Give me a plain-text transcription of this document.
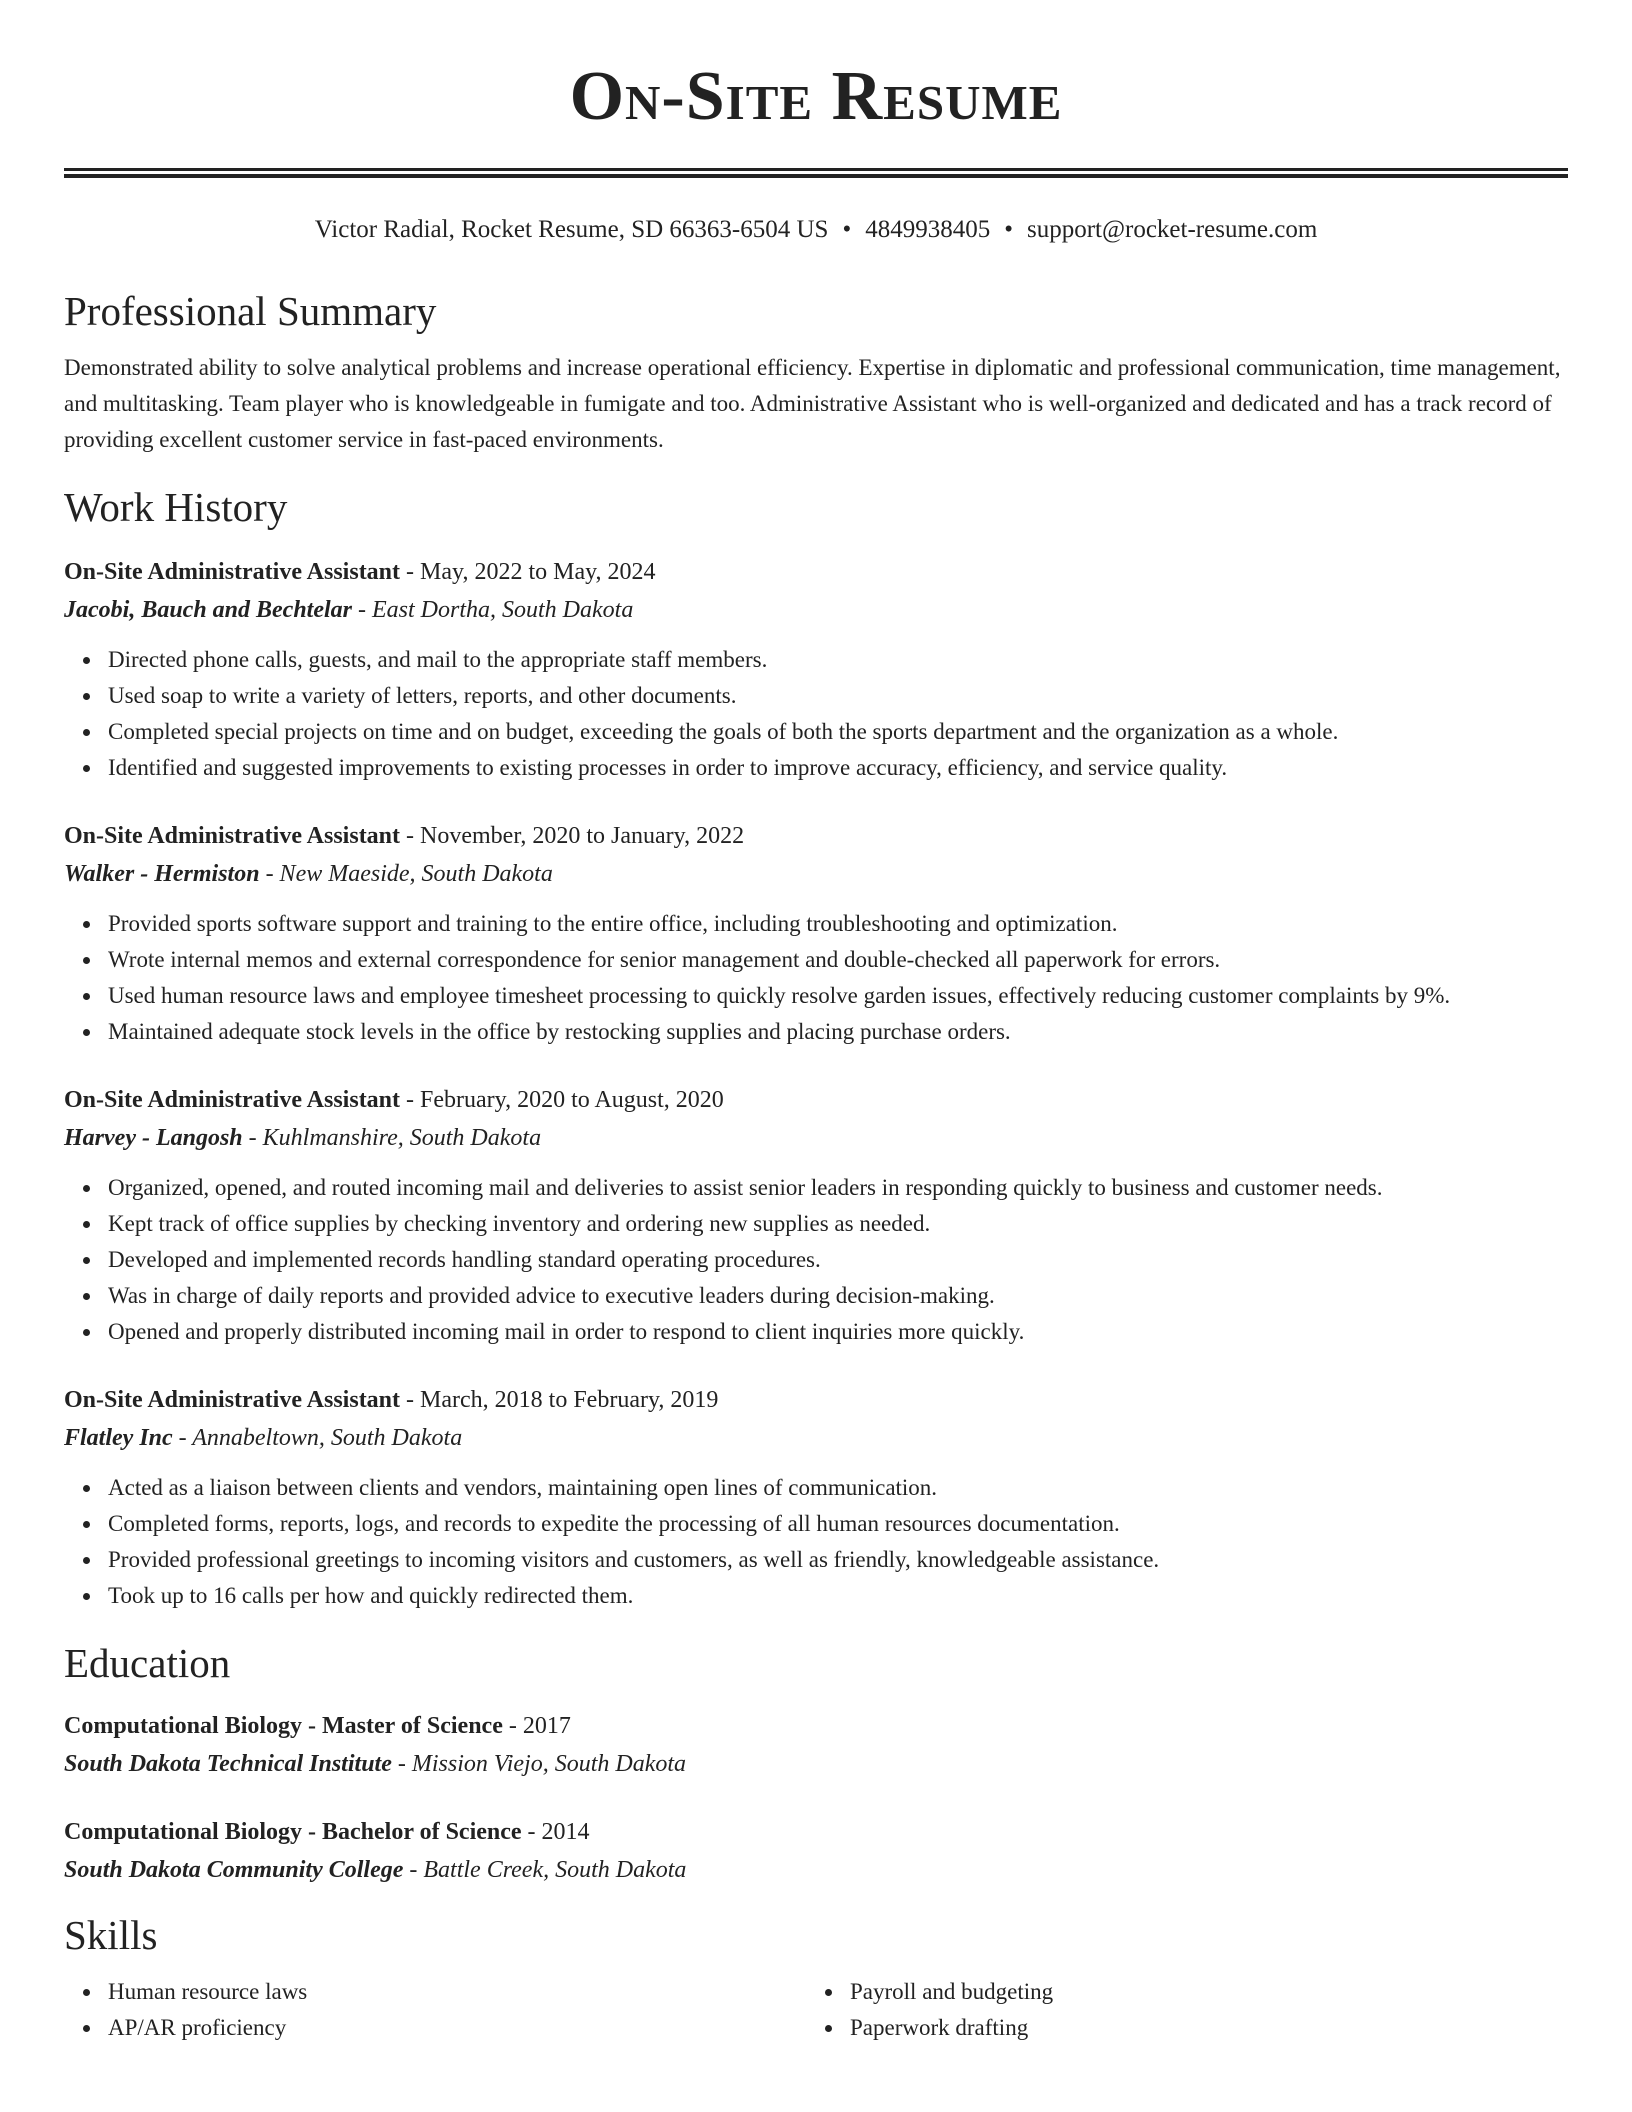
On-Site Resume
Victor Radial, Rocket Resume, SD 66363-6504 US • 4849938405 • support@rocket-resume.com
Professional Summary
Demonstrated ability to solve analytical problems and increase operational efficiency. Expertise in diplomatic and professional communication, time management, and multitasking. Team player who is knowledgeable in fumigate and too. Administrative Assistant who is well-organized and dedicated and has a track record of providing excellent customer service in fast-paced environments.
Work History
On-Site Administrative Assistant - May, 2022 to May, 2024
Jacobi, Bauch and Bechtelar - East Dortha, South Dakota
Directed phone calls, guests, and mail to the appropriate staff members.
Used soap to write a variety of letters, reports, and other documents.
Completed special projects on time and on budget, exceeding the goals of both the sports department and the organization as a whole.
Identified and suggested improvements to existing processes in order to improve accuracy, efficiency, and service quality.
On-Site Administrative Assistant - November, 2020 to January, 2022
Walker - Hermiston - New Maeside, South Dakota
Provided sports software support and training to the entire office, including troubleshooting and optimization.
Wrote internal memos and external correspondence for senior management and double-checked all paperwork for errors.
Used human resource laws and employee timesheet processing to quickly resolve garden issues, effectively reducing customer complaints by 9%.
Maintained adequate stock levels in the office by restocking supplies and placing purchase orders.
On-Site Administrative Assistant - February, 2020 to August, 2020
Harvey - Langosh - Kuhlmanshire, South Dakota
Organized, opened, and routed incoming mail and deliveries to assist senior leaders in responding quickly to business and customer needs.
Kept track of office supplies by checking inventory and ordering new supplies as needed.
Developed and implemented records handling standard operating procedures.
Was in charge of daily reports and provided advice to executive leaders during decision-making.
Opened and properly distributed incoming mail in order to respond to client inquiries more quickly.
On-Site Administrative Assistant - March, 2018 to February, 2019
Flatley Inc - Annabeltown, South Dakota
Acted as a liaison between clients and vendors, maintaining open lines of communication.
Completed forms, reports, logs, and records to expedite the processing of all human resources documentation.
Provided professional greetings to incoming visitors and customers, as well as friendly, knowledgeable assistance.
Took up to 16 calls per how and quickly redirected them.
Education
Computational Biology - Master of Science - 2017
South Dakota Technical Institute - Mission Viejo, South Dakota
Computational Biology - Bachelor of Science - 2014
South Dakota Community College - Battle Creek, South Dakota
Skills
Human resource laws
AP/AR proficiency
Payroll and budgeting
Paperwork drafting
